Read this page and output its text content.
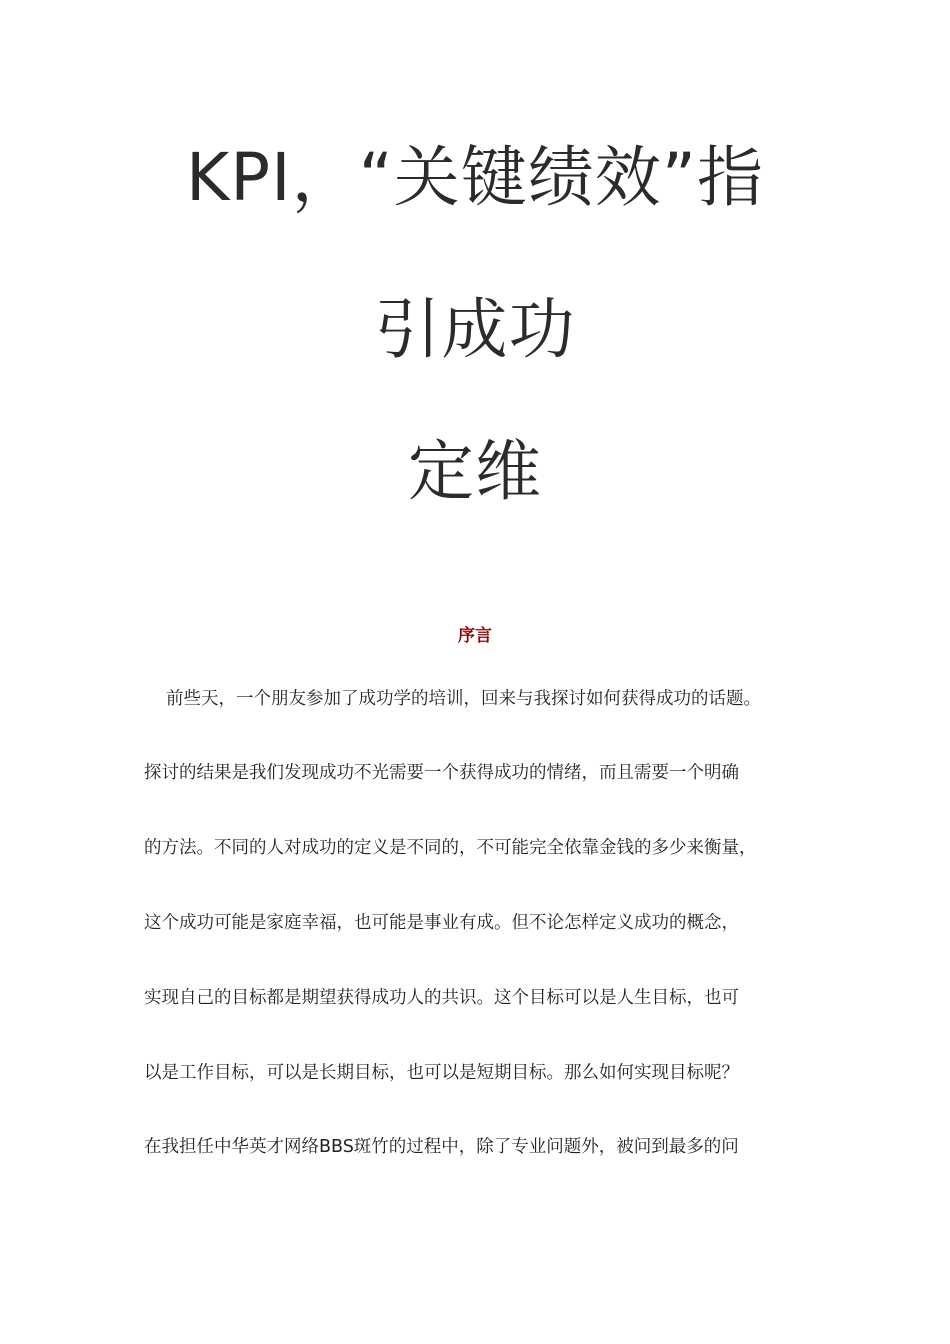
KPI，“关键绩效”指
引成功
定维
序言
前些天，一个朋友参加了成功学的培训，回来与我探讨如何获得成功的话题。
探讨的结果是我们发现成功不光需要一个获得成功的情绪，而且需要一个明确
的方法。不同的人对成功的定义是不同的，不可能完全依靠金钱的多少来衡量，
这个成功可能是家庭幸福，也可能是事业有成。但不论怎样定义成功的概念，
实现自己的目标都是期望获得成功人的共识。这个目标可以是人生目标，也可
以是工作目标，可以是长期目标，也可以是短期目标。那么如何实现目标呢？
在我担任中华英才网络BBS斑竹的过程中，除了专业问题外，被问到最多的问
